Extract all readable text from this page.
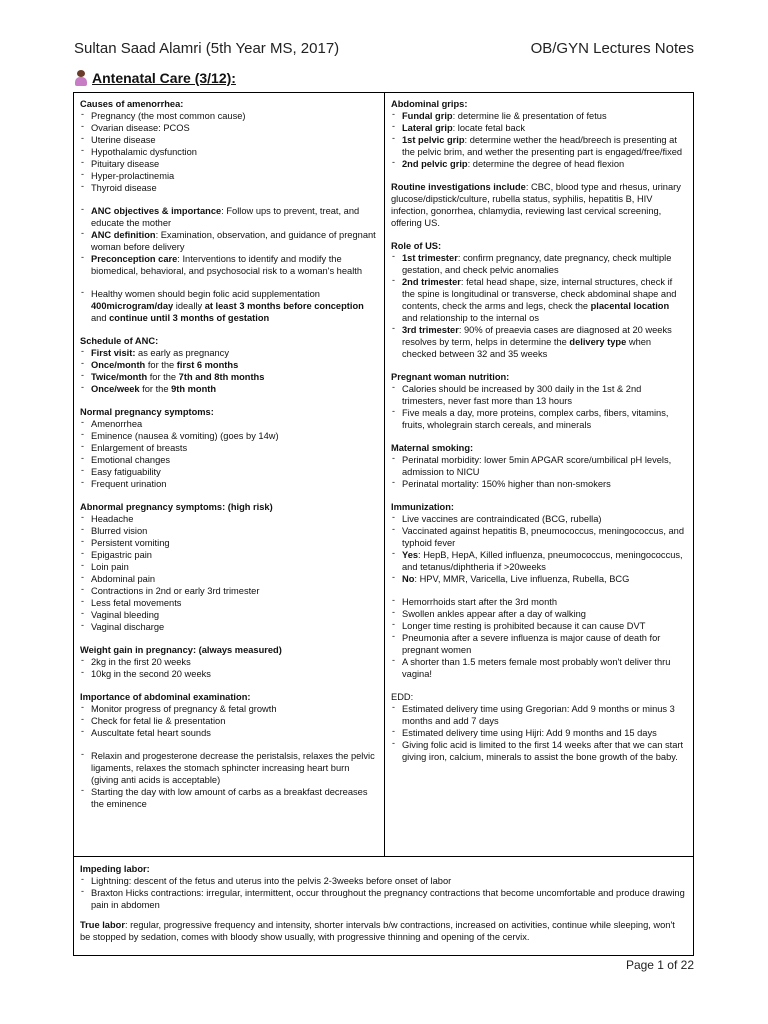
Sultan Saad Alamri (5th Year MS, 2017)	OB/GYN Lectures Notes
Antenatal Care (3/12):
Causes of amenorrhea:
- Pregnancy (the most common cause)
- Ovarian disease: PCOS
- Uterine disease
- Hypothalamic dysfunction
- Pituitary disease
- Hyper-prolactinemia
- Thyroid disease
- ANC objectives & importance: Follow ups to prevent, treat, and educate the mother
- ANC definition: Examination, observation, and guidance of pregnant woman before delivery
- Preconception care: Interventions to identify and modify the biomedical, behavioral, and psychosocial risk to a woman's health
- Healthy women should begin folic acid supplementation 400microgram/day ideally at least 3 months before conception and continue until 3 months of gestation
Schedule of ANC:
- First visit: as early as pregnancy
- Once/month for the first 6 months
- Twice/month for the 7th and 8th months
- Once/week for the 9th month
Normal pregnancy symptoms:
- Amenorrhea
- Eminence (nausea & vomiting) (goes by 14w)
- Enlargement of breasts
- Emotional changes
- Easy fatiguability
- Frequent urination
Abnormal pregnancy symptoms: (high risk)
- Headache
- Blurred vision
- Persistent vomiting
- Epigastric pain
- Loin pain
- Abdominal pain
- Contractions in 2nd or early 3rd trimester
- Less fetal movements
- Vaginal bleeding
- Vaginal discharge
Weight gain in pregnancy: (always measured)
- 2kg in the first 20 weeks
- 10kg in the second 20 weeks
Importance of abdominal examination:
- Monitor progress of pregnancy & fetal growth
- Check for fetal lie & presentation
- Auscultate fetal heart sounds
- Relaxin and progesterone decrease the peristalsis, relaxes the pelvic ligaments, relaxes the stomach sphincter increasing heart burn (giving anti acids is acceptable)
- Starting the day with low amount of carbs as a breakfast decreases the eminence
Abdominal grips:
- Fundal grip: determine lie & presentation of fetus
- Lateral grip: locate fetal back
- 1st pelvic grip: determine wether the head/breech is presenting at the pelvic brim, and wether the presenting part is engaged/free/fixed
- 2nd pelvic grip: determine the degree of head flexion
Routine investigations include: CBC, blood type and rhesus, urinary glucose/dipstick/culture, rubella status, syphilis, hepatitis B, HIV infection, gonorrhea, chlamydia, reviewing last cervical screening, offering US.
Role of US:
- 1st trimester: confirm pregnancy, date pregnancy, check multiple gestation, and check pelvic anomalies
- 2nd trimester: fetal head shape, size, internal structures, check if the spine is longitudinal or transverse, check abdominal shape and contents, check the arms and legs, check the placental location and relationship to the internal os
- 3rd trimester: 90% of preaevia cases are diagnosed at 20 weeks resolves by term, helps in determine the delivery type when checked between 32 and 35 weeks
Pregnant woman nutrition:
- Calories should be increased by 300 daily in the 1st & 2nd trimesters, never fast more than 13 hours
- Five meals a day, more proteins, complex carbs, fibers, vitamins, fruits, wholegrain starch cereals, and minerals
Maternal smoking:
- Perinatal morbidity: lower 5min APGAR score/umbilical pH levels, admission to NICU
- Perinatal mortality: 150% higher than non-smokers
Immunization:
- Live vaccines are contraindicated (BCG, rubella)
- Vaccinated against hepatitis B, pneumococcus, meningococcus, and typhoid fever
- Yes: HepB, HepA, Killed influenza, pneumococcus, meningococcus, and tetanus/diphtheria if >20weeks
- No: HPV, MMR, Varicella, Live influenza, Rubella, BCG
- Hemorrhoids start after the 3rd month
- Swollen ankles appear after a day of walking
- Longer time resting is prohibited because it can cause DVT
- Pneumonia after a severe influenza is major cause of death for pregnant women
- A shorter than 1.5 meters female most probably won't deliver thru vagina!
EDD:
- Estimated delivery time using Gregorian: Add 9 months or minus 3 months and add 7 days
- Estimated delivery time using Hijri: Add 9 months and 15 days
- Giving folic acid is limited to the first 14 weeks after that we can start giving iron, calcium, minerals to assist the bone growth of the baby.
Impeding labor:
- Lightning: descent of the fetus and uterus into the pelvis 2-3weeks before onset of labor
- Braxton Hicks contractions: irregular, intermittent, occur throughout the pregnancy contractions that become uncomfortable and produce drawing pain in abdomen
True labor: regular, progressive frequency and intensity, shorter intervals b/w contractions, increased on activities, continue while sleeping, won't be stopped by sedation, comes with bloody show usually, with progressive thinning and opening of the cervix.
Page 1 of 22
